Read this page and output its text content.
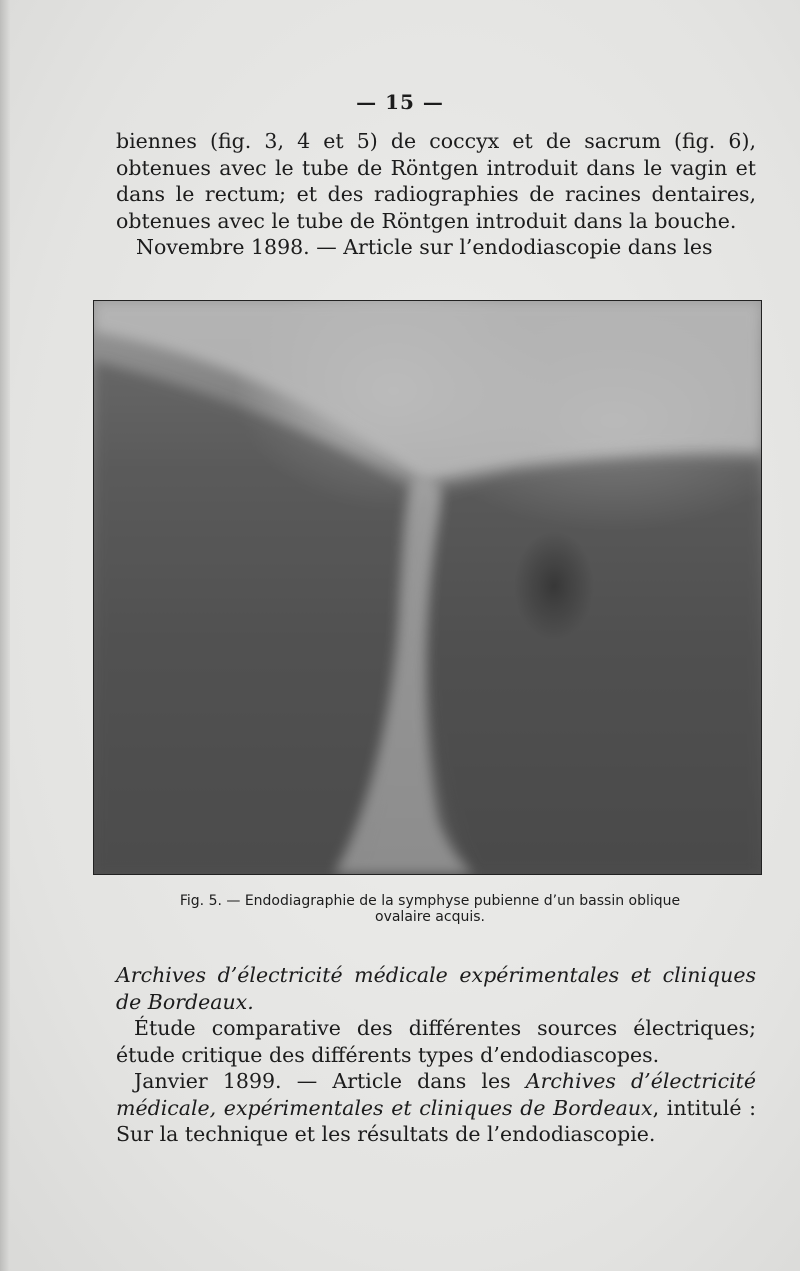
— 15 —

biennes (fig. 3, 4 et 5) de coccyx et de sacrum (fig. 6), obtenues avec le tube de Röntgen introduit dans le vagin et dans le rectum; et des radiographies de racines dentaires, obtenues avec le tube de Röntgen introduit dans la bouche.

Novembre 1898. — Article sur l’endodiascopie dans les

Fig. 5. — Endodiagraphie de la symphyse pubienne d’un bassin oblique ovalaire acquis.

Archives d’électricité médicale expérimentales et cliniques de Bordeaux.

Étude comparative des différentes sources électriques; étude critique des différents types d’endodiascopes.

Janvier 1899. — Article dans les Archives d’électricité médicale, expérimentales et cliniques de Bordeaux, intitulé : Sur la technique et les résultats de l’endodiascopie.
